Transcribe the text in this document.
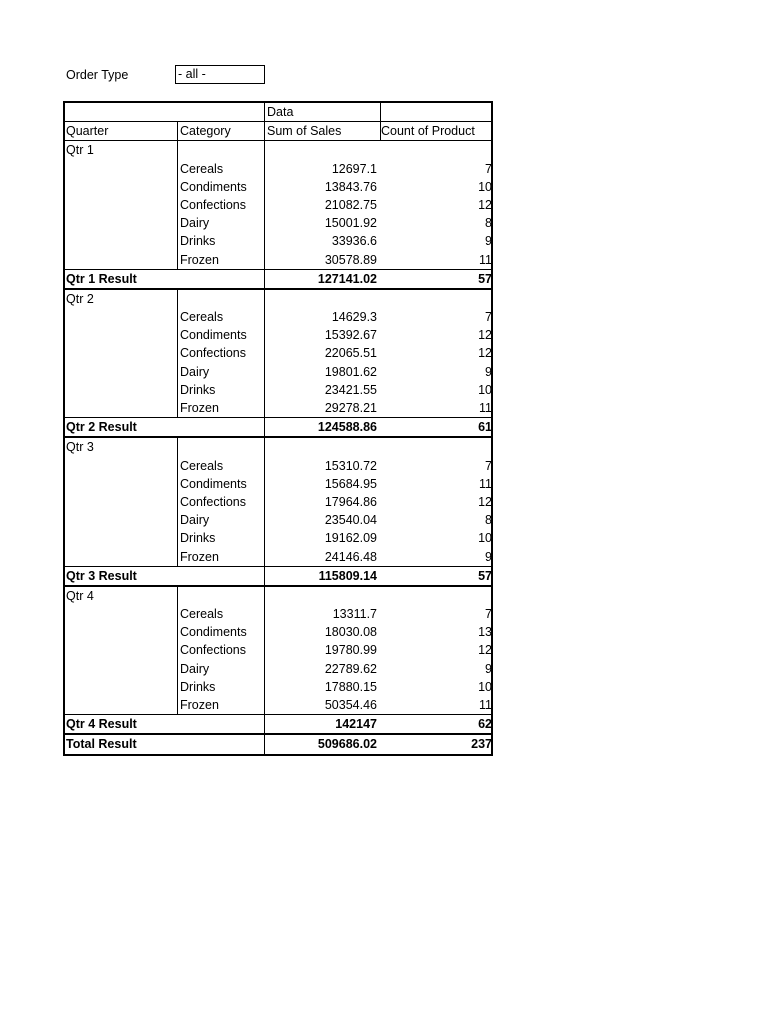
Order Type	- all -
Data
Quarter	Category	Sum of Sales	Count of Product
Qtr 1
Cereals	12697.1	7
Condiments	13843.76	10
Confections	21082.75	12
Dairy	15001.92	8
Drinks	33936.6	9
Frozen	30578.89	11
Qtr 1 Result	127141.02	57
Qtr 2
Cereals	14629.3	7
Condiments	15392.67	12
Confections	22065.51	12
Dairy	19801.62	9
Drinks	23421.55	10
Frozen	29278.21	11
Qtr 2 Result	124588.86	61
Qtr 3
Cereals	15310.72	7
Condiments	15684.95	11
Confections	17964.86	12
Dairy	23540.04	8
Drinks	19162.09	10
Frozen	24146.48	9
Qtr 3 Result	115809.14	57
Qtr 4
Cereals	13311.7	7
Condiments	18030.08	13
Confections	19780.99	12
Dairy	22789.62	9
Drinks	17880.15	10
Frozen	50354.46	11
Qtr 4 Result	142147	62
Total Result	509686.02	237
